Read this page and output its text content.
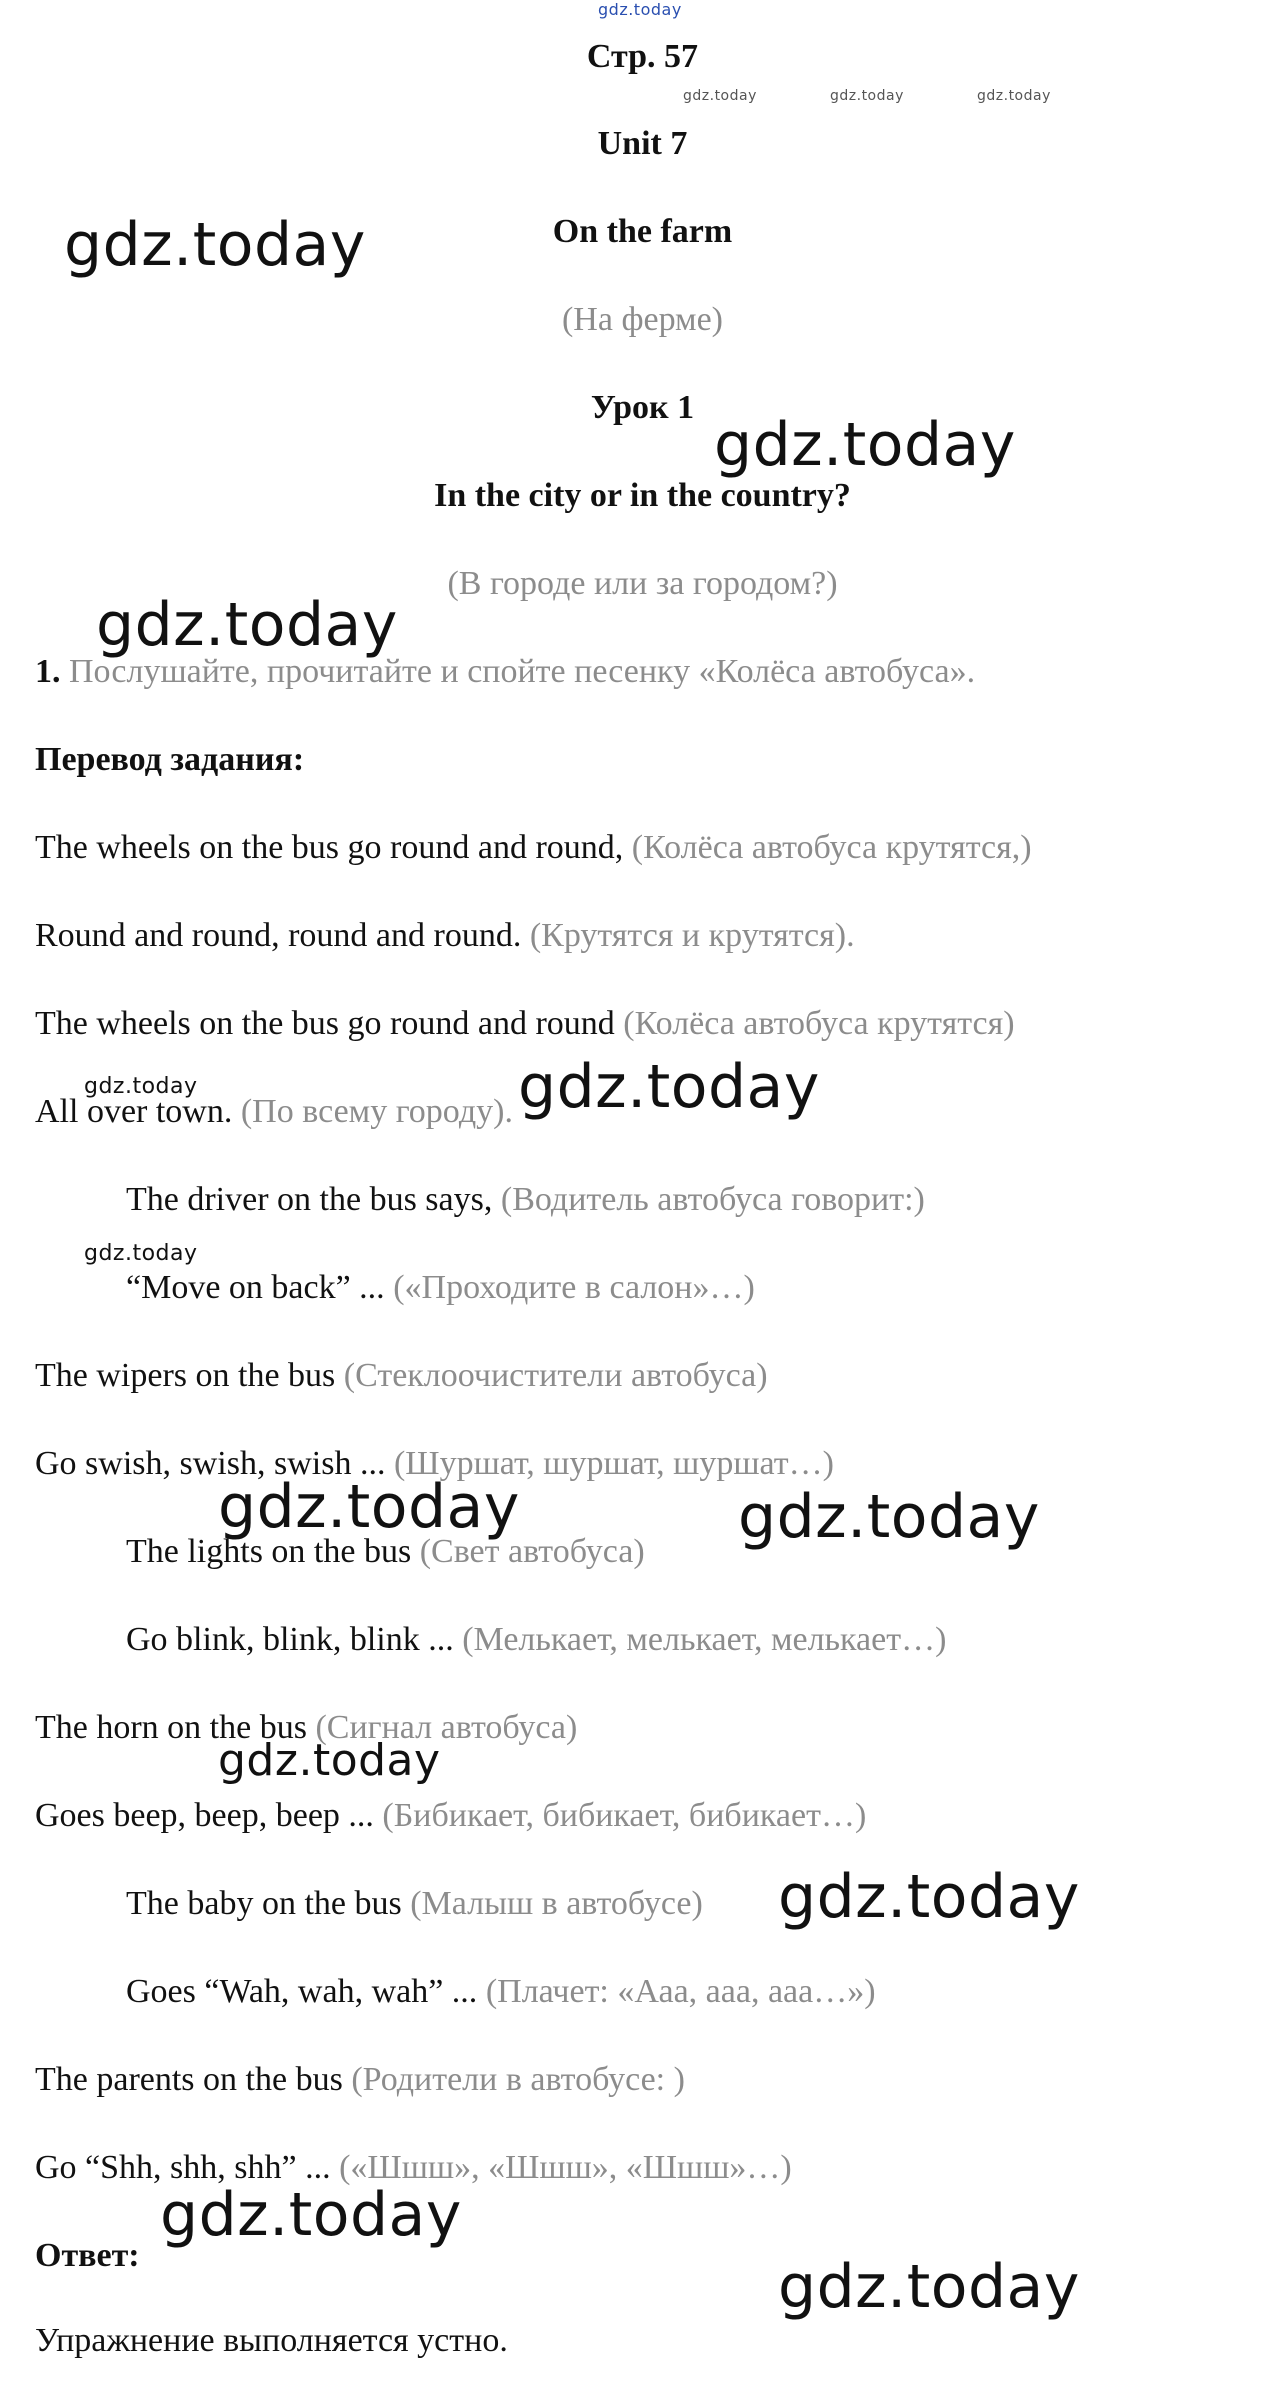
Стр. 57
Unit 7
On the farm
(На ферме)
Урок 1
In the city or in the country?
(В городе или за городом?)
1. Послушайте, прочитайте и спойте песенку «Колёса автобуса».
Перевод задания:
The wheels on the bus go round and round, (Колёса автобуса крутятся,)
Round and round, round and round. (Крутятся и крутятся).
The wheels on the bus go round and round (Колёса автобуса крутятся)
All over town. (По всему городу).
The driver on the bus says, (Водитель автобуса говорит:)
“Move on back” ... («Проходите в салон»…)
The wipers on the bus (Стеклоочистители автобуса)
Go swish, swish, swish ... (Шуршат, шуршат, шуршат…)
The lights on the bus (Свет автобуса)
Go blink, blink, blink ... (Мелькает, мелькает, мелькает…)
The horn on the bus (Сигнал автобуса)
Goes beep, beep, beep ... (Бибикает, бибикает, бибикает…)
The baby on the bus (Малыш в автобусе)
Goes “Wah, wah, wah” ... (Плачет: «Ааа, ааа, ааа…»)
The parents on the bus (Родители в автобусе: )
Go “Shh, shh, shh” ... («Шшш», «Шшш», «Шшш»…)
Ответ:
Упражнение выполняется устно.
gdz.today
gdz.today	gdz.today	gdz.today
gdz.today
gdz.today
gdz.today
gdz.today	gdz.today
gdz.today
gdz.today	gdz.today
gdz.today
gdz.today
gdz.today
gdz.today
